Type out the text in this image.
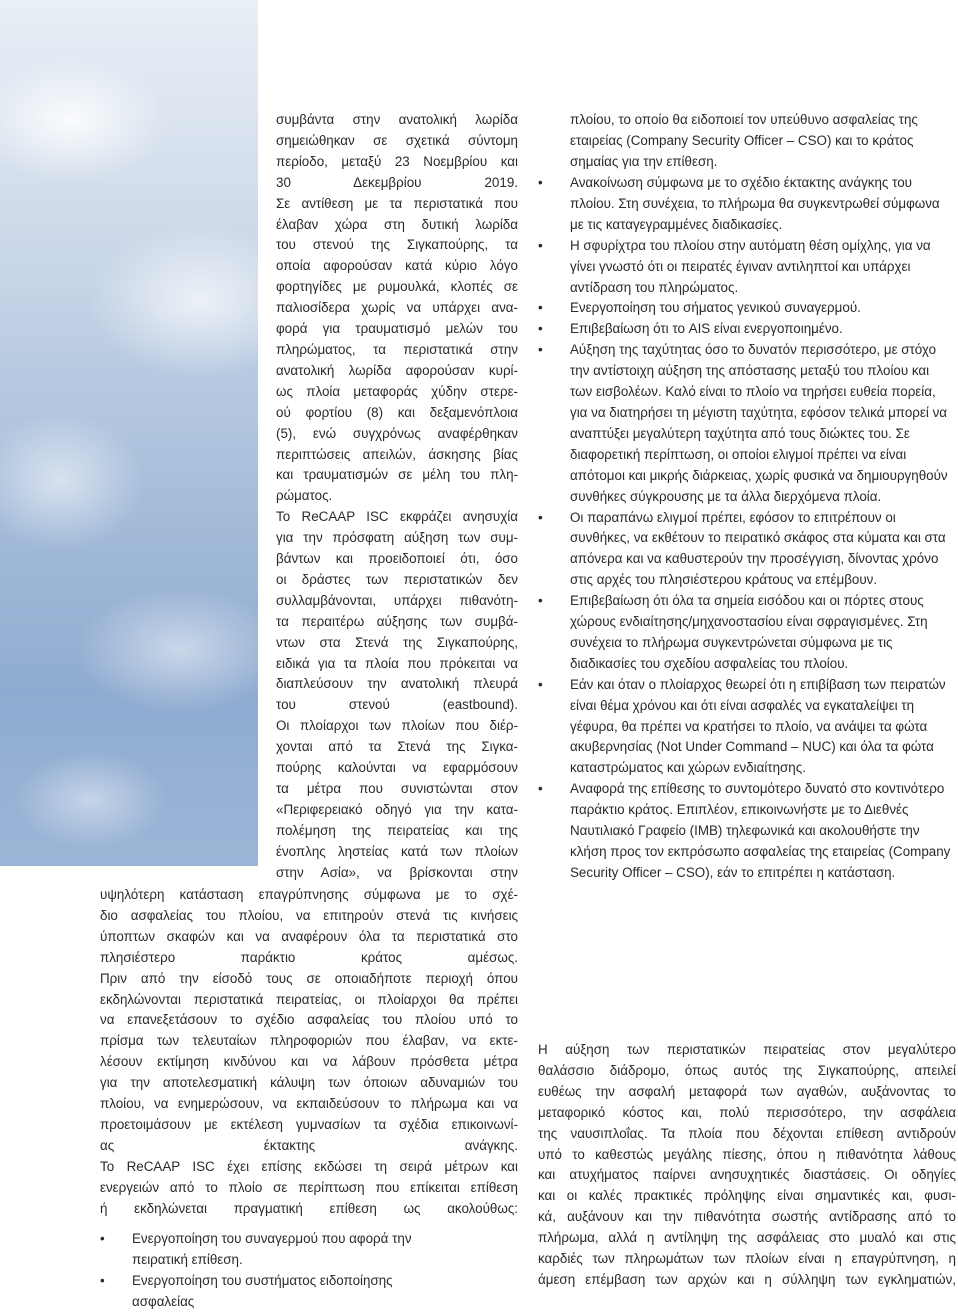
συμβάντα στην ανατολική λωρίδα
σημειώθηκαν σε σχετικά σύντομη
περίοδο, μεταξύ 23 Νοεμβρίου και
30 Δεκεμβρίου 2019.
Σε αντίθεση με τα περιστατικά που
έλαβαν χώρα στη δυτική λωρίδα
του στενού της Σιγκαπούρης, τα
οποία αφορούσαν κατά κύριο λόγο
φορτηγίδες με ρυμουλκά, κλοπές σε
παλιοσίδερα χωρίς να υπάρχει ανα-
φορά για τραυματισμό μελών του
πληρώματος, τα περιστατικά στην
ανατολική λωρίδα αφορούσαν κυρί-
ως πλοία μεταφοράς χύδην στερε-
ού φορτίου (8) και δεξαμενόπλοια
(5), ενώ συγχρόνως αναφέρθηκαν
περιπτώσεις απειλών, άσκησης βίας
και τραυματισμών σε μέλη του πλη-
ρώματος.
Το ReCAAP ISC εκφράζει ανησυχία
για την πρόσφατη αύξηση των συμ-
βάντων και προειδοποιεί ότι, όσο
οι δράστες των περιστατικών δεν
συλλαμβάνονται, υπάρχει πιθανότη-
τα περαιτέρω αύξησης των συμβά-
ντων στα Στενά της Σιγκαπούρης,
ειδικά για τα πλοία που πρόκειται να
διαπλεύσουν την ανατολική πλευρά
του στενού (eastbound).
Οι πλοίαρχοι των πλοίων που διέρ-
χονται από τα Στενά της Σιγκα-
πούρης καλούνται να εφαρμόσουν
τα μέτρα που συνιστώνται στον
«Περιφερειακό οδηγό για την κατα-
πολέμηση της πειρατείας και της
ένοπλης ληστείας κατά των πλοίων
στην Ασία», να βρίσκονται στην
υψηλότερη κατάσταση επαγρύπνησης σύμφωνα με το σχέ-
διο ασφαλείας του πλοίου, να επιτηρούν στενά τις κινήσεις
ύποπτων σκαφών και να αναφέρουν όλα τα περιστατικά στο
πλησιέστερο παράκτιο κράτος αμέσως.
Πριν από την είσοδό τους σε οποιαδήποτε περιοχή όπου
εκδηλώνονται περιστατικά πειρατείας, οι πλοίαρχοι θα πρέπει
να επανεξετάσουν το σχέδιο ασφαλείας του πλοίου υπό το
πρίσμα των τελευταίων πληροφοριών που έλαβαν, να εκτε-
λέσουν εκτίμηση κινδύνου και να λάβουν πρόσθετα μέτρα
για την αποτελεσματική κάλυψη των όποιων αδυναμιών του
πλοίου, να ενημερώσουν, να εκπαιδεύσουν το πλήρωμα και να
προετοιμάσουν με εκτέλεση γυμνασίων τα σχέδια επικοινωνί-
ας έκτακτης ανάγκης.
Το ReCAAP ISC έχει επίσης εκδώσει τη σειρά μέτρων και
ενεργειών από το πλοίο σε περίπτωση που επίκειται επίθεση
ή εκδηλώνεται πραγματική επίθεση ως ακολούθως:
• Ενεργοποίηση του συναγερμού που αφορά την πειρατική επίθεση.
• Ενεργοποίηση του συστήματος ειδοποίησης ασφαλείας
πλοίου, το οποίο θα ειδοποιεί τον υπεύθυνο ασφαλείας της εταιρείας (Company Security Officer – CSO) και το κράτος σημαίας για την επίθεση.
• Ανακοίνωση σύμφωνα με το σχέδιο έκτακτης ανάγκης του πλοίου. Στη συνέχεια, το πλήρωμα θα συγκεντρωθεί σύμφωνα με τις καταγεγραμμένες διαδικασίες.
• Η σφυρίχτρα του πλοίου στην αυτόματη θέση ομίχλης, για να γίνει γνωστό ότι οι πειρατές έγιναν αντιληπτοί και υπάρχει αντίδραση του πληρώματος.
• Ενεργοποίηση του σήματος γενικού συναγερμού.
• Επιβεβαίωση ότι το AIS είναι ενεργοποιημένο.
• Αύξηση της ταχύτητας όσο το δυνατόν περισσότερο, με στόχο την αντίστοιχη αύξηση της απόστασης μεταξύ του πλοίου και των εισβολέων. Καλό είναι το πλοίο να τηρήσει ευθεία πορεία, για να διατηρήσει τη μέγιστη ταχύτητα, εφόσον τελικά μπορεί να αναπτύξει μεγαλύτερη ταχύτητα από τους διώκτες του. Σε διαφορετική περίπτωση, οι οποίοι ελιγμοί πρέπει να είναι απότομοι και μικρής διάρκειας, χωρίς φυσικά να δημιουργηθούν συνθήκες σύγκρουσης με τα άλλα διερχόμενα πλοία.
• Οι παραπάνω ελιγμοί πρέπει, εφόσον το επιτρέπουν οι συνθήκες, να εκθέτουν το πειρατικό σκάφος στα κύματα και στα απόνερα και να καθυστερούν την προσέγγιση, δίνοντας χρόνο στις αρχές του πλησιέστερου κράτους να επέμβουν.
• Επιβεβαίωση ότι όλα τα σημεία εισόδου και οι πόρτες στους χώρους ενδιαίτησης/μηχανοστασίου είναι σφραγισμένες. Στη συνέχεια το πλήρωμα συγκεντρώνεται σύμφωνα με τις διαδικασίες του σχεδίου ασφαλείας του πλοίου.
• Εάν και όταν ο πλοίαρχος θεωρεί ότι η επιβίβαση των πειρατών είναι θέμα χρόνου και ότι είναι ασφαλές να εγκαταλείψει τη γέφυρα, θα πρέπει να κρατήσει το πλοίο, να ανάψει τα φώτα ακυβερνησίας (Not Under Command – NUC) και όλα τα φώτα καταστρώματος και χώρων ενδιαίτησης.
• Αναφορά της επίθεσης το συντομότερο δυνατό στο κοντινότερο παράκτιο κράτος. Επιπλέον, επικοινωνήστε με το Διεθνές Ναυτιλιακό Γραφείο (IMB) τηλεφωνικά και ακολουθήστε την κλήση προς τον εκπρόσωπο ασφαλείας της εταιρείας (Company Security Officer – CSO), εάν το επιτρέπει η κατάσταση.
Η αύξηση των περιστατικών πειρατείας στον μεγαλύτερο
θαλάσσιο διάδρομο, όπως αυτός της Σιγκαπούρης, απειλεί
ευθέως την ασφαλή μεταφορά των αγαθών, αυξάνοντας το
μεταφορικό κόστος και, πολύ περισσότερο, την ασφάλεια
της ναυσιπλοΐας. Τα πλοία που δέχονται επίθεση αντιδρούν
υπό το καθεστώς μεγάλης πίεσης, όπου η πιθανότητα λάθους
και ατυχήματος παίρνει ανησυχητικές διαστάσεις. Οι οδηγίες
και οι καλές πρακτικές πρόληψης είναι σημαντικές και, φυσι-
κά, αυξάνουν και την πιθανότητα σωστής αντίδρασης από το
πλήρωμα, αλλά η αντίληψη της ασφάλειας στο μυαλό και στις
καρδιές των πληρωμάτων των πλοίων είναι η επαγρύπνηση, η
άμεση επέμβαση των αρχών και η σύλληψη των εγκληματιών,
